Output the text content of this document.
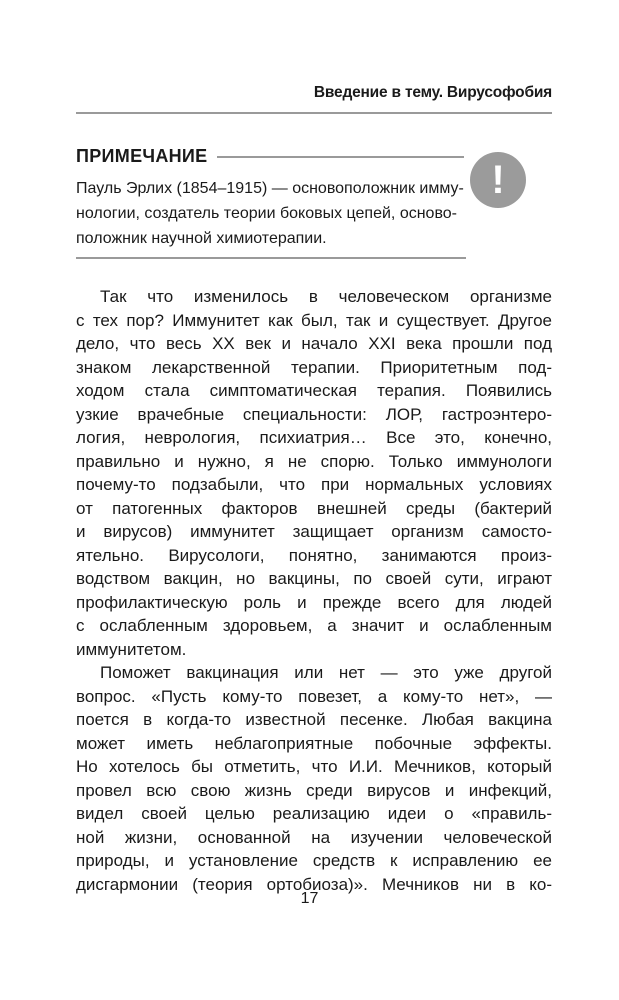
Введение в тему. Вирусофобия
ПРИМЕЧАНИЕ
!

Пауль Эрлих (1854–1915) — основоположник имму-
нологии, создатель теории боковых цепей, осново-
положник научной химиотерапии.

Так что изменилось в человеческом организме
с тех пор? Иммунитет как был, так и существует. Другое
дело, что весь XX век и начало XXI века прошли под
знаком лекарственной терапии. Приоритетным под-
ходом стала симптоматическая терапия. Появились
узкие врачебные специальности: ЛОР, гастроэнтеро-
логия, неврология, психиатрия… Все это, конечно,
правильно и нужно, я не спорю. Только иммунологи
почему-то подзабыли, что при нормальных условиях
от патогенных факторов внешней среды (бактерий
и вирусов) иммунитет защищает организм самосто-
ятельно. Вирусологи, понятно, занимаются произ-
водством вакцин, но вакцины, по своей сути, играют
профилактическую роль и прежде всего для людей
с ослабленным здоровьем, а значит и ослабленным
иммунитетом.
Поможет вакцинация или нет — это уже другой
вопрос. «Пусть кому-то повезет, а кому-то нет», —
поется в когда-то известной песенке. Любая вакцина
может иметь неблагоприятные побочные эффекты.
Но хотелось бы отметить, что И.И. Мечников, который
провел всю свою жизнь среди вирусов и инфекций,
видел своей целью реализацию идеи о «правиль-
ной жизни, основанной на изучении человеческой
природы, и установление средств к исправлению ее
дисгармонии (теория ортобиоза)». Мечников ни в ко-
17
